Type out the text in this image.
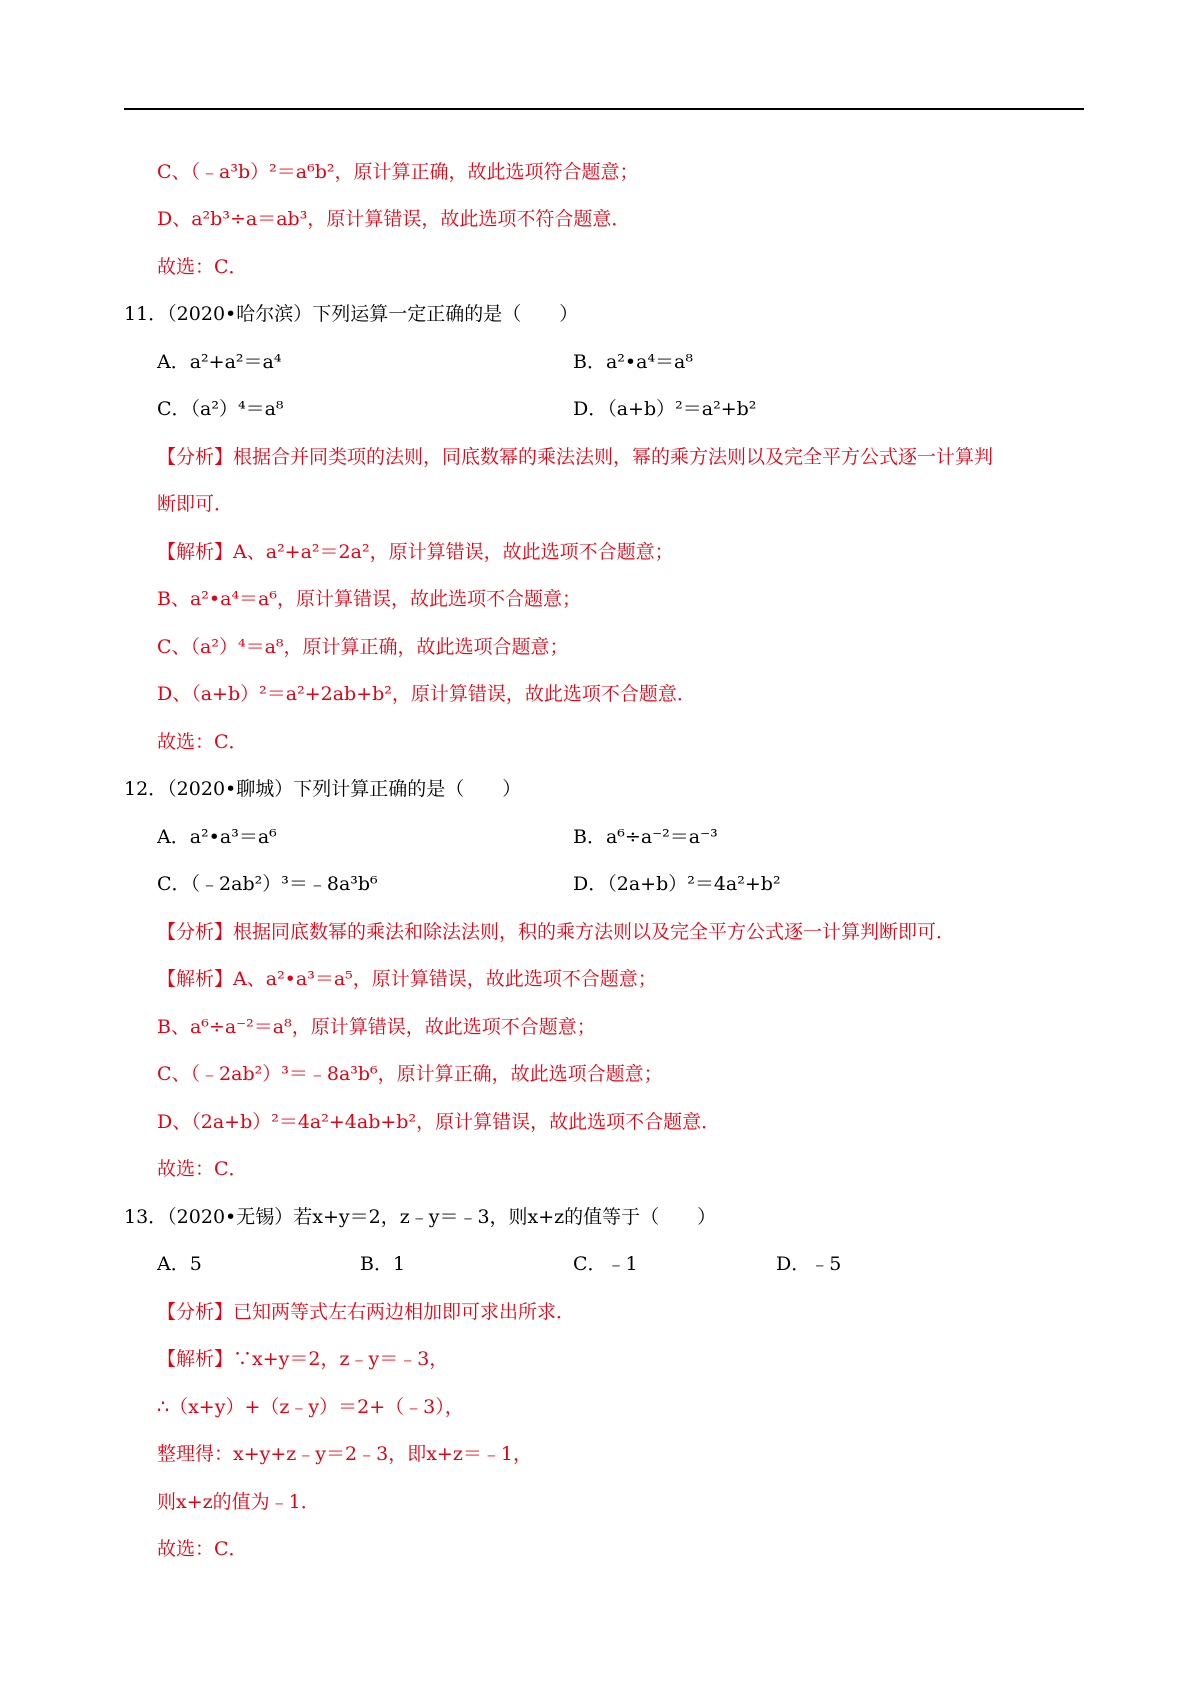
C、（﹣a³b）²＝a⁶b²，原计算正确，故此选项符合题意；
D、a²b³÷a＝ab³，原计算错误，故此选项不符合题意．
故选：C．
11．（2020•哈尔滨）下列运算一定正确的是（　　）
A．a²+a²＝a⁴	B．a²•a⁴＝a⁸
C．（a²）⁴＝a⁸	D．（a+b）²＝a²+b²
【分析】根据合并同类项的法则，同底数幂的乘法法则，幂的乘方法则以及完全平方公式逐一计算判
断即可．
【解析】A、a²+a²＝2a²，原计算错误，故此选项不合题意；
B、a²•a⁴＝a⁶，原计算错误，故此选项不合题意；
C、（a²）⁴＝a⁸，原计算正确，故此选项合题意；
D、（a+b）²＝a²+2ab+b²，原计算错误，故此选项不合题意．
故选：C．
12．（2020•聊城）下列计算正确的是（　　）
A．a²•a³＝a⁶	B．a⁶÷a⁻²＝a⁻³
C．（﹣2ab²）³＝﹣8a³b⁶	D．（2a+b）²＝4a²+b²
【分析】根据同底数幂的乘法和除法法则，积的乘方法则以及完全平方公式逐一计算判断即可．
【解析】A、a²•a³＝a⁵，原计算错误，故此选项不合题意；
B、a⁶÷a⁻²＝a⁸，原计算错误，故此选项不合题意；
C、（﹣2ab²）³＝﹣8a³b⁶，原计算正确，故此选项合题意；
D、（2a+b）²＝4a²+4ab+b²，原计算错误，故此选项不合题意．
故选：C．
13．（2020•无锡）若x+y＝2，z﹣y＝﹣3，则x+z的值等于（　　）
A．5	B．1	C．﹣1	D．﹣5
【分析】已知两等式左右两边相加即可求出所求．
【解析】∵x+y＝2，z﹣y＝﹣3，
∴（x+y）+（z﹣y）＝2+（﹣3），
整理得：x+y+z﹣y＝2﹣3，即x+z＝﹣1，
则x+z的值为﹣1．
故选：C．
